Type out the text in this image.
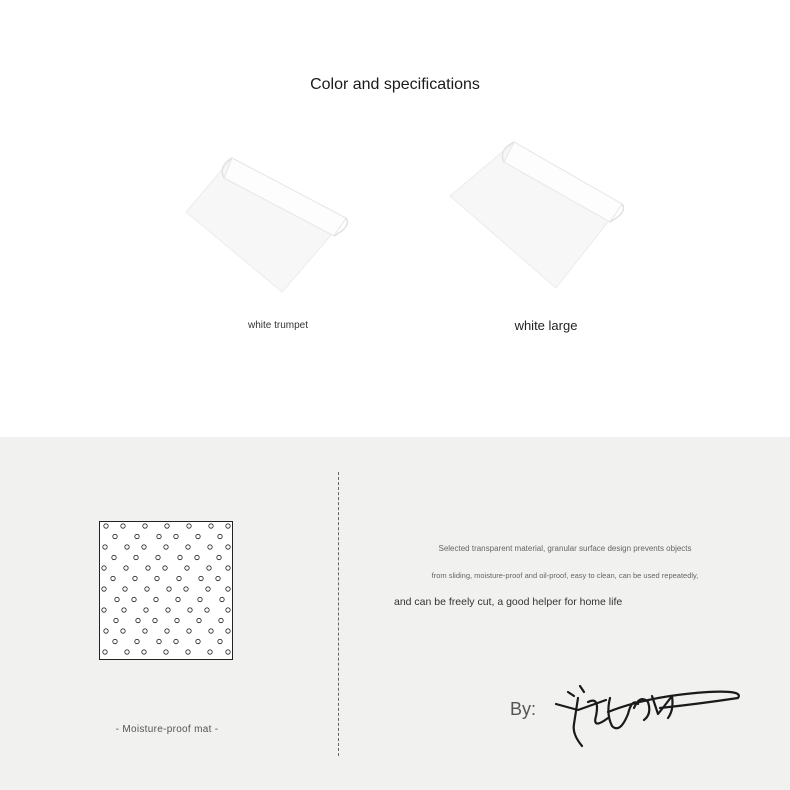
Color and specifications
white trumpet	white large
- Moisture-proof mat -
Selected transparent material, granular surface design prevents objects
from sliding, moisture-proof and oil-proof, easy to clean, can be used repeatedly,
and can be freely cut, a good helper for home life
By:
